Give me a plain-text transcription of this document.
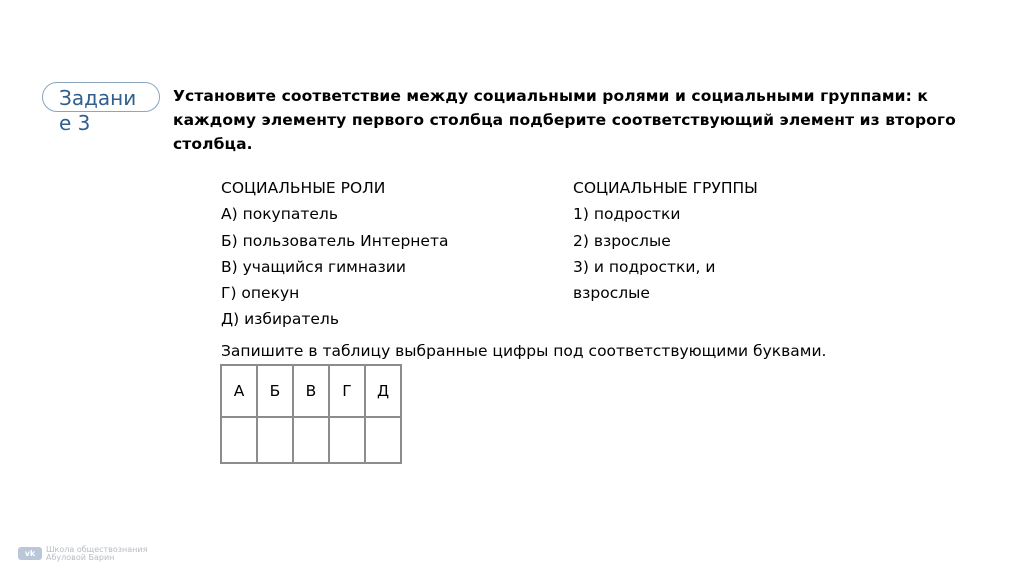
Задание 3
Установите соответствие между социальными ролями и социальными группами: к каждому элементу первого столбца подберите соответствующий элемент из второго столбца.
СОЦИАЛЬНЫЕ РОЛИ
А) покупатель
Б) пользователь Интернета
В) учащийся гимназии
Г) опекун
Д) избиратель
СОЦИАЛЬНЫЕ ГРУППЫ
1) подростки
2) взрослые
3) и подростки, и взрослые
Запишите в таблицу выбранные цифры под соответствующими буквами.
А	Б	В	Г	Д

vk	Школа обществознания
Абуловой Барин
